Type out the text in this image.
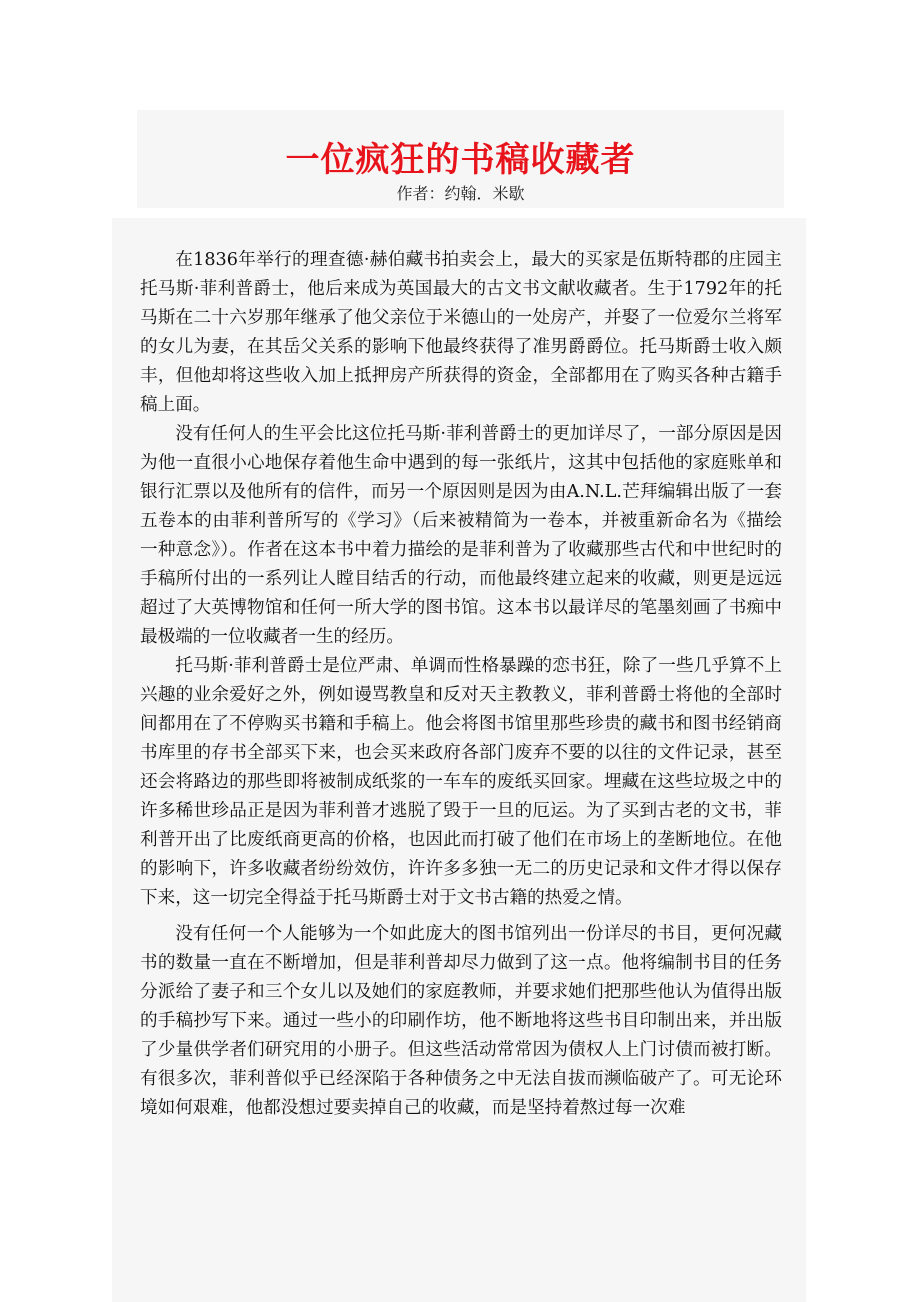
一位疯狂的书稿收藏者
作者：约翰．米歇

在1836年举行的理查德·赫伯藏书拍卖会上，最大的买家是伍斯特郡的庄园主托马斯·菲利普爵士，他后来成为英国最大的古文书文献收藏者。生于1792年的托马斯在二十六岁那年继承了他父亲位于米德山的一处房产，并娶了一位爱尔兰将军的女儿为妻，在其岳父关系的影响下他最终获得了准男爵爵位。托马斯爵士收入颇丰，但他却将这些收入加上抵押房产所获得的资金，全部都用在了购买各种古籍手稿上面。

没有任何人的生平会比这位托马斯·菲利普爵士的更加详尽了，一部分原因是因为他一直很小心地保存着他生命中遇到的每一张纸片，这其中包括他的家庭账单和银行汇票以及他所有的信件，而另一个原因则是因为由A.N.L.芒拜编辑出版了一套五卷本的由菲利普所写的《学习》（后来被精简为一卷本，并被重新命名为《描绘一种意念》）。作者在这本书中着力描绘的是菲利普为了收藏那些古代和中世纪时的手稿所付出的一系列让人瞠目结舌的行动，而他最终建立起来的收藏，则更是远远超过了大英博物馆和任何一所大学的图书馆。这本书以最详尽的笔墨刻画了书痴中最极端的一位收藏者一生的经历。

托马斯·菲利普爵士是位严肃、单调而性格暴躁的恋书狂，除了一些几乎算不上兴趣的业余爱好之外，例如谩骂教皇和反对天主教教义，菲利普爵士将他的全部时间都用在了不停购买书籍和手稿上。他会将图书馆里那些珍贵的藏书和图书经销商书库里的存书全部买下来，也会买来政府各部门废弃不要的以往的文件记录，甚至还会将路边的那些即将被制成纸浆的一车车的废纸买回家。埋藏在这些垃圾之中的许多稀世珍品正是因为菲利普才逃脱了毁于一旦的厄运。为了买到古老的文书，菲利普开出了比废纸商更高的价格，也因此而打破了他们在市场上的垄断地位。在他的影响下，许多收藏者纷纷效仿，许许多多独一无二的历史记录和文件才得以保存下来，这一切完全得益于托马斯爵士对于文书古籍的热爱之情。

没有任何一个人能够为一个如此庞大的图书馆列出一份详尽的书目，更何况藏书的数量一直在不断增加，但是菲利普却尽力做到了这一点。他将编制书目的任务分派给了妻子和三个女儿以及她们的家庭教师，并要求她们把那些他认为值得出版的手稿抄写下来。通过一些小的印刷作坊，他不断地将这些书目印制出来，并出版了少量供学者们研究用的小册子。但这些活动常常因为债权人上门讨债而被打断。有很多次，菲利普似乎已经深陷于各种债务之中无法自拔而濒临破产了。可无论环境如何艰难，他都没想过要卖掉自己的收藏，而是坚持着熬过每一次难
